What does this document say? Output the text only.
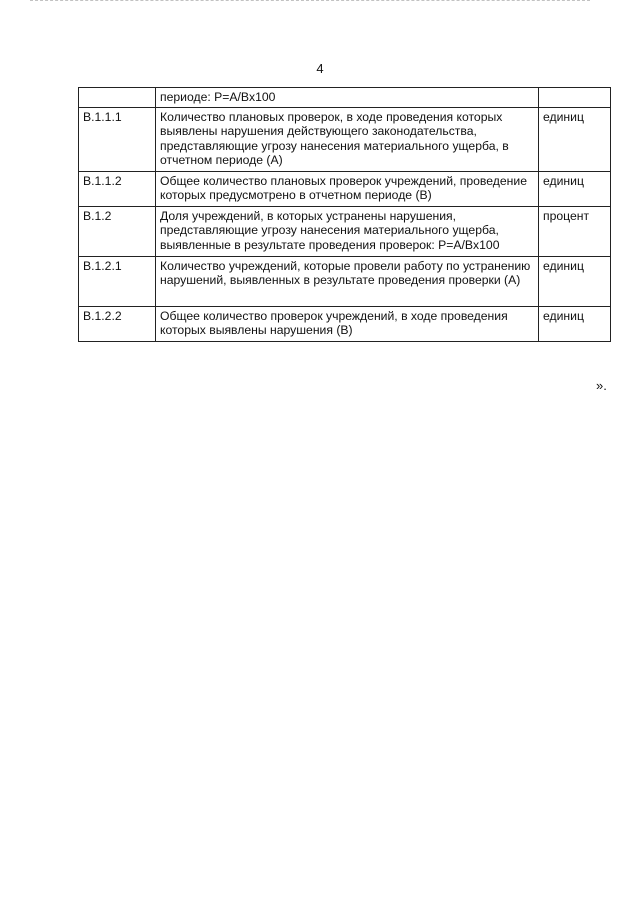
4
	периоде: P=A/Bx100	
B.1.1.1	Количество плановых проверок, в ходе проведения которых выявлены нарушения действующего законодательства, представляющие угрозу нанесения материального ущерба, в отчетном периоде (А)	единиц
B.1.1.2	Общее количество плановых проверок учреждений, проведение которых предусмотрено в отчетном периоде (B)	единиц
B.1.2	Доля учреждений, в которых устранены нарушения, представляющие угрозу нанесения материального ущерба, выявленные в результате проведения проверок: P=A/Bx100	процент
B.1.2.1	Количество учреждений, которые провели работу по устранению нарушений, выявленных в результате проведения проверки (А)	единиц
B.1.2.2	Общее количество проверок учреждений, в ходе проведения которых выявлены нарушения (B)	единиц
».
